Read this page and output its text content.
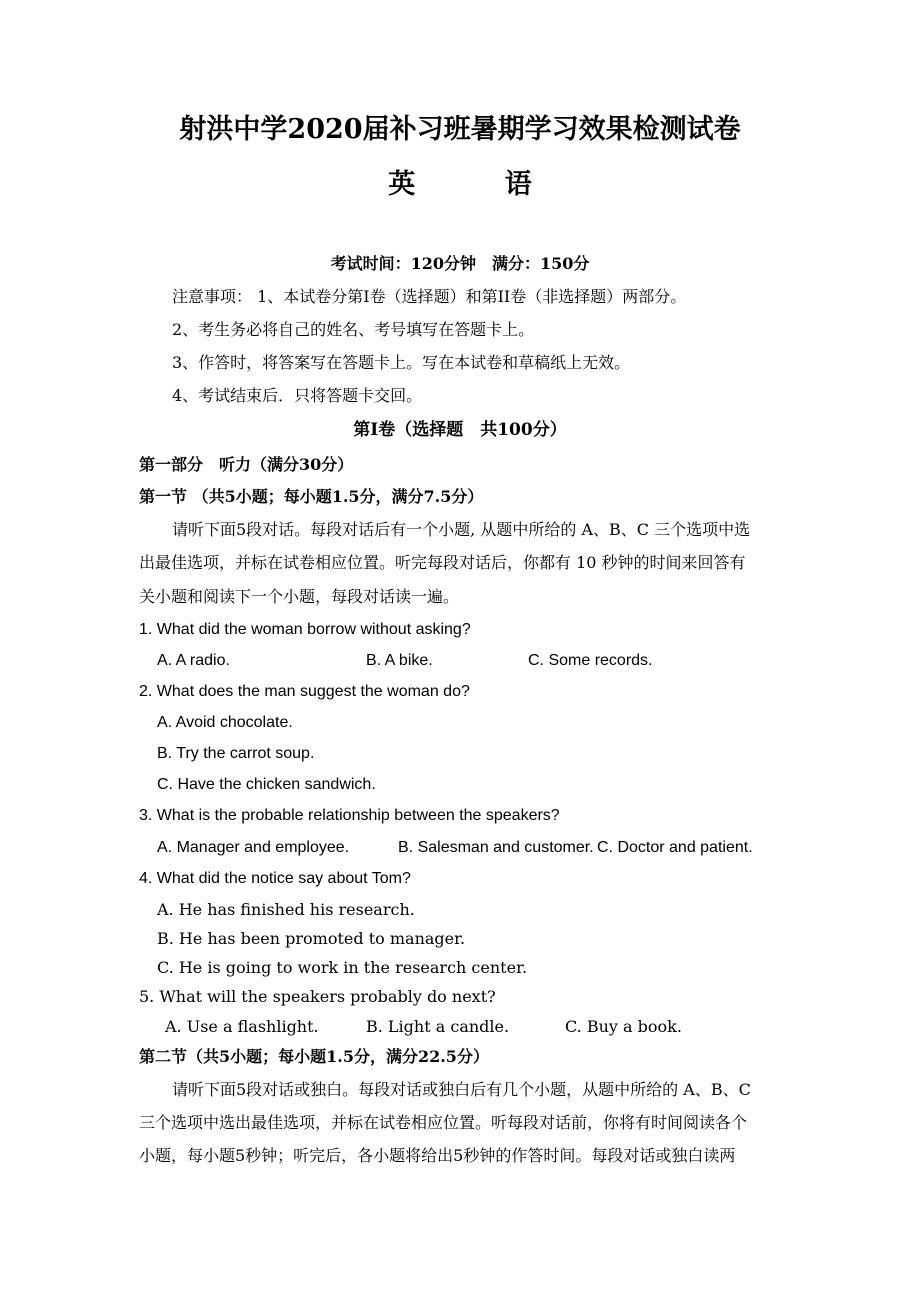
射洪中学2020届补习班暑期学习效果检测试卷
英 语
考试时间：120分钟　满分：150分
注意事项： 1、本试卷分第Ⅰ卷（选择题）和第II卷（非选择题）两部分。
2、考生务必将自己的姓名、考号填写在答题卡上。
3、作答时，将答案写在答题卡上。写在本试卷和草稿纸上无效。
4、考试结束后．只将答题卡交回。
第Ⅰ卷（选择题　共100分）
第一部分　听力（满分30分）
第一节 （共5小题；每小题1.5分，满分7.5分）
请听下面5段对话。每段对话后有一个小题, 从题中所给的 A、B、C 三个选项中选
出最佳选项，并标在试卷相应位置。听完每段对话后，你都有 10 秒钟的时间来回答有
关小题和阅读下一个小题，每段对话读一遍。
1. What did the woman borrow without asking?
A. A radio.	B. A bike.	C. Some records.
2. What does the man suggest the woman do?
A. Avoid chocolate.
B. Try the carrot soup.
C. Have the chicken sandwich.
3. What is the probable relationship between the speakers?
A. Manager and employee.	B. Salesman and customer. C. Doctor and patient.
4. What did the notice say about Tom?
A. He has finished his research.
B. He has been promoted to manager.
C. He is going to work in the research center.
5. What will the speakers probably do next?
A. Use a flashlight.	B. Light a candle.	C. Buy a book.
第二节（共5小题；每小题1.5分，满分22.5分）
请听下面5段对话或独白。每段对话或独白后有几个小题，从题中所给的 A、B、C
三个选项中选出最佳选项，并标在试卷相应位置。听每段对话前，你将有时间阅读各个
小题，每小题5秒钟；听完后，各小题将给出5秒钟的作答时间。每段对话或独白读两
